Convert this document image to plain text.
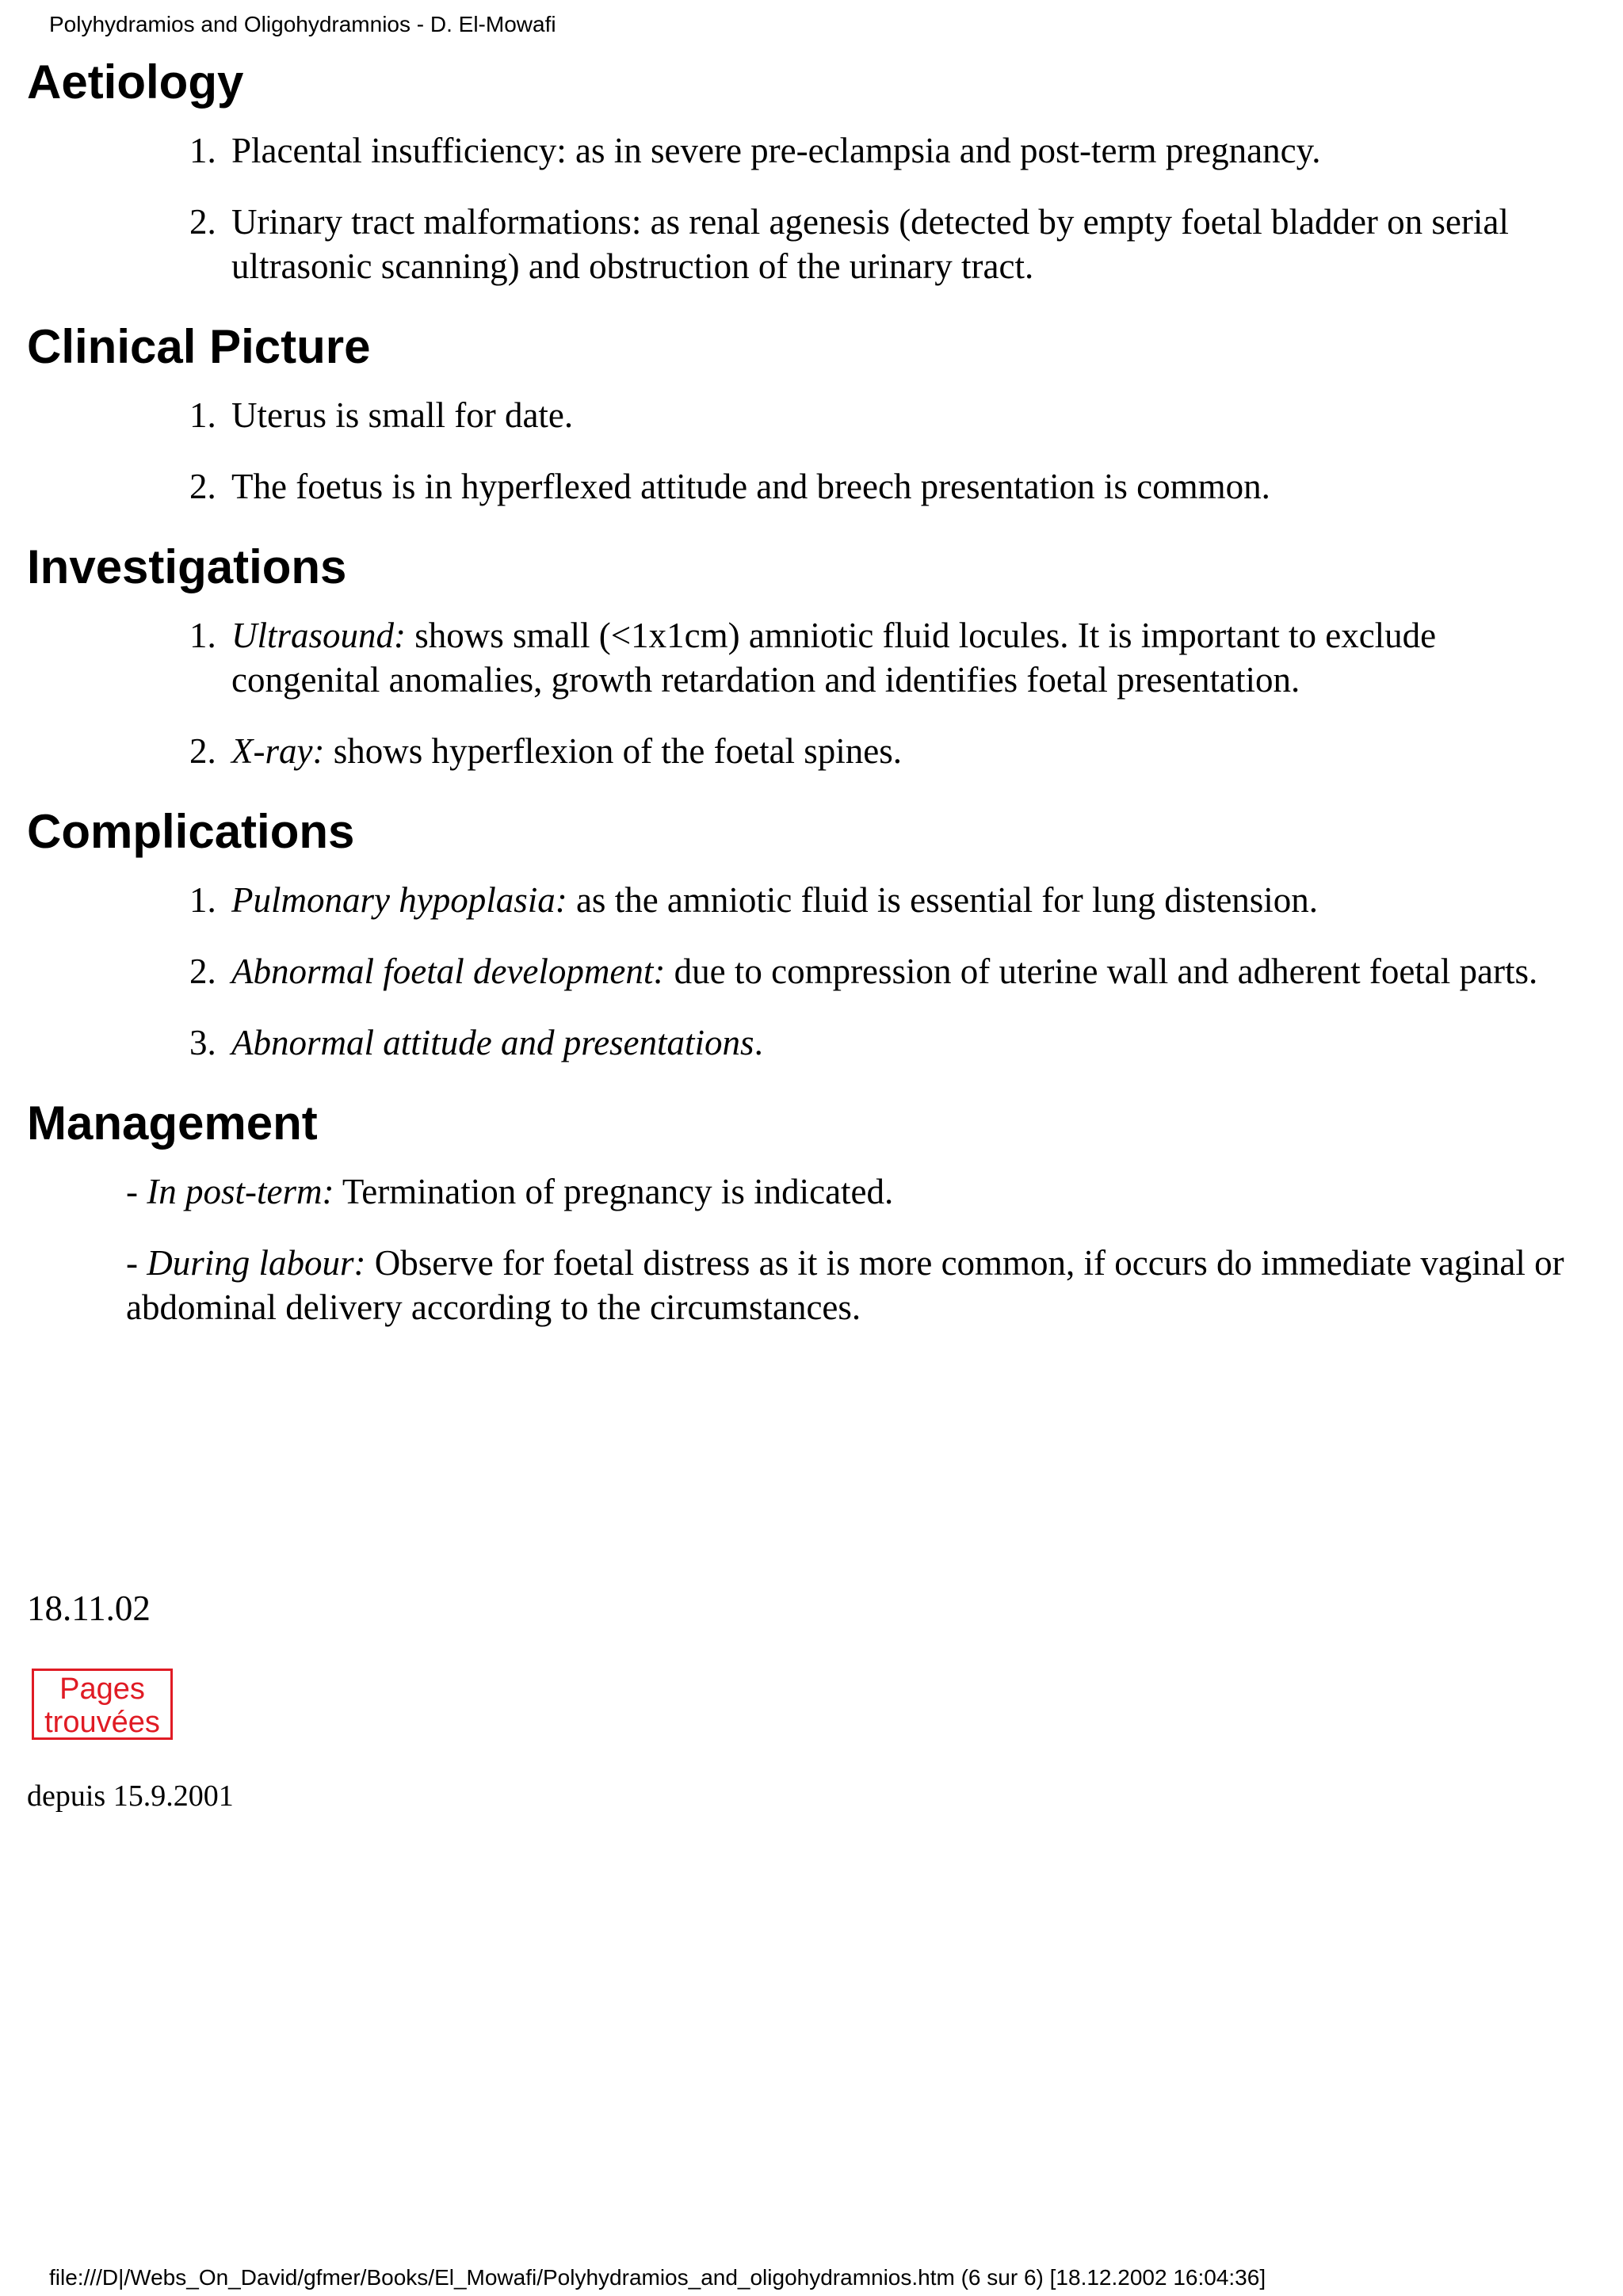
Polyhydramios and Oligohydramnios - D. El-Mowafi
Aetiology
1. Placental insufficiency: as in severe pre-eclampsia and post-term pregnancy.
2. Urinary tract malformations: as renal agenesis (detected by empty foetal bladder on serial ultrasonic scanning) and obstruction of the urinary tract.
Clinical Picture
1. Uterus is small for date.
2. The foetus is in hyperflexed attitude and breech presentation is common.
Investigations
1. Ultrasound: shows small (<1x1cm) amniotic fluid locules. It is important to exclude congenital anomalies, growth retardation and identifies foetal presentation.
2. X-ray: shows hyperflexion of the foetal spines.
Complications
1. Pulmonary hypoplasia: as the amniotic fluid is essential for lung distension.
2. Abnormal foetal development: due to compression of uterine wall and adherent foetal parts.
3. Abnormal attitude and presentations.
Management

- In post-term: Termination of pregnancy is indicated.

- During labour: Observe for foetal distress as it is more common, if occurs do immediate vaginal or abdominal delivery according to the circumstances.

18.11.02
Pages
trouvées
depuis 15.9.2001
file:///D|/Webs_On_David/gfmer/Books/El_Mowafi/Polyhydramios_and_oligohydramnios.htm (6 sur 6) [18.12.2002 16:04:36]
